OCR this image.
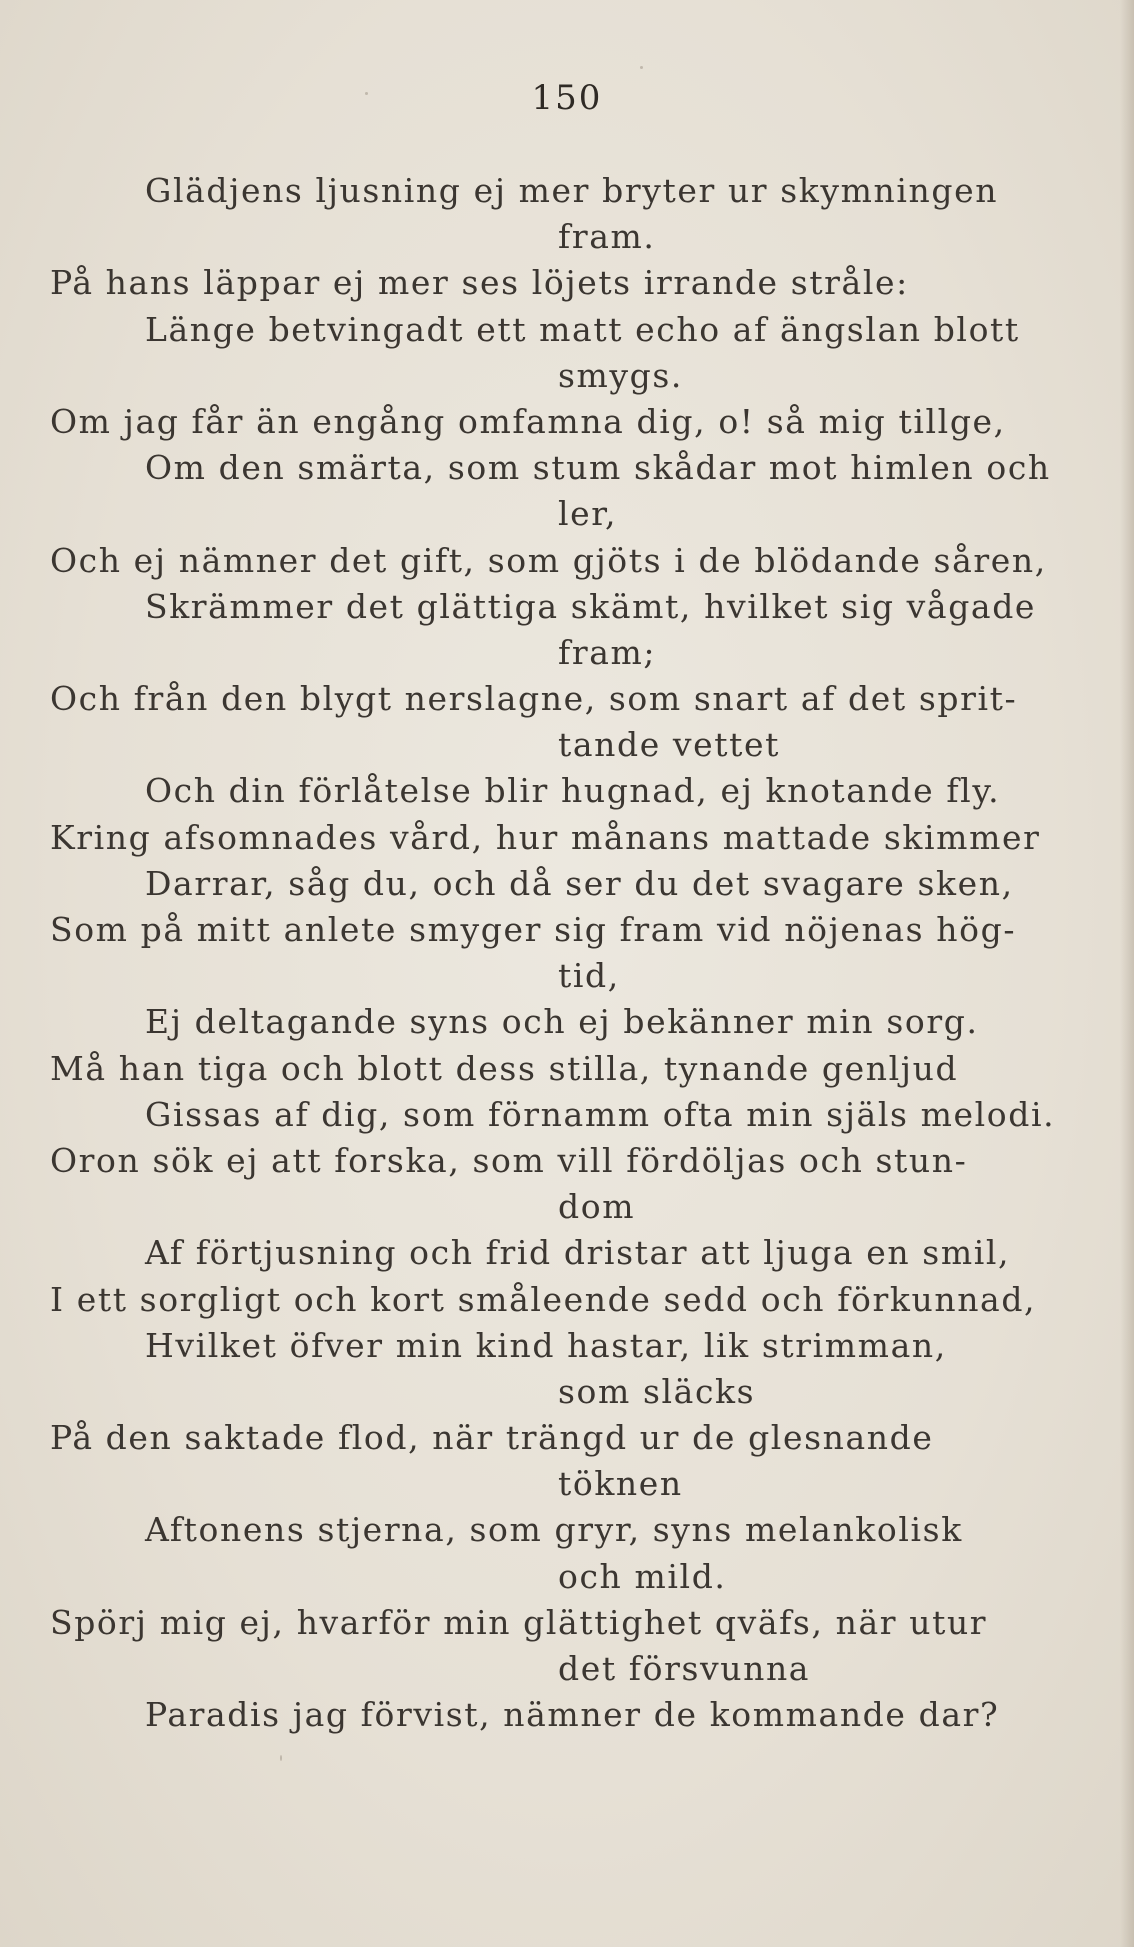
150
Glädjens ljusning ej mer bryter ur skymningen
fram.
På hans läppar ej mer ses löjets irrande stråle:
Länge betvingadt ett matt echo af ängslan blott
smygs.
Om jag får än engång omfamna dig, o! så mig tillge,
Om den smärta, som stum skådar mot himlen och
ler,
Och ej nämner det gift, som gjöts i de blödande såren,
Skrämmer det glättiga skämt, hvilket sig vågade
fram;
Och från den blygt nerslagne, som snart af det sprit-
tande vettet
Och din förlåtelse blir hugnad, ej knotande fly.
Kring afsomnades vård, hur månans mattade skimmer
Darrar, såg du, och då ser du det svagare sken,
Som på mitt anlete smyger sig fram vid nöjenas hög-
tid,
Ej deltagande syns och ej bekänner min sorg.
Må han tiga och blott dess stilla, tynande genljud
Gissas af dig, som förnamm ofta min själs melodi.
Oron sök ej att forska, som vill fördöljas och stun-
dom
Af förtjusning och frid dristar att ljuga en smil,
I ett sorgligt och kort småleende sedd och förkunnad,
Hvilket öfver min kind hastar, lik strimman,
som släcks
På den saktade flod, när trängd ur de glesnande
töknen
Aftonens stjerna, som gryr, syns melankolisk
och mild.
Spörj mig ej, hvarför min glättighet qväfs, när utur
det försvunna
Paradis jag förvist, nämner de kommande dar?
